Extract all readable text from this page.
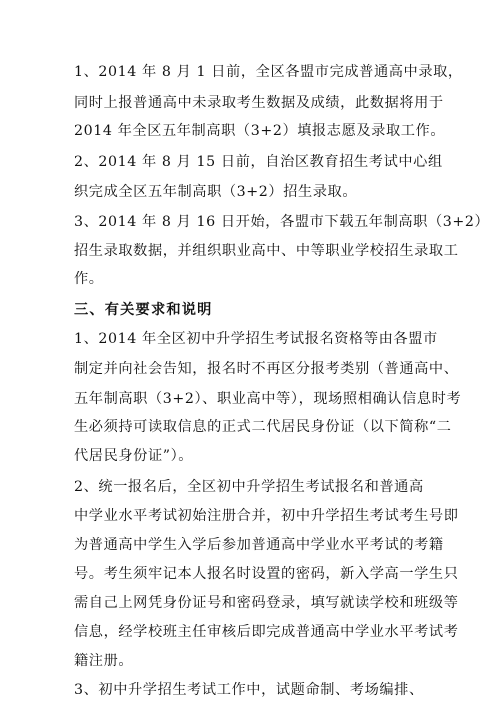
1、2014 年 8 月 1 日前，全区各盟市完成普通高中录取，
同时上报普通高中未录取考生数据及成绩，此数据将用于
2014 年全区五年制高职（3+2）填报志愿及录取工作。
2、2014 年 8 月 15 日前，自治区教育招生考试中心组
织完成全区五年制高职（3+2）招生录取。
3、2014 年 8 月 16 日开始，各盟市下载五年制高职（3+2）
招生录取数据，并组织职业高中、中等职业学校招生录取工
作。
三、有关要求和说明
1、2014 年全区初中升学招生考试报名资格等由各盟市
制定并向社会告知，报名时不再区分报考类别（普通高中、
五年制高职（3+2）、职业高中等），现场照相确认信息时考
生必须持可读取信息的正式二代居民身份证（以下简称“二
代居民身份证”）。
2、统一报名后，全区初中升学招生考试报名和普通高
中学业水平考试初始注册合并，初中升学招生考试考生号即
为普通高中学生入学后参加普通高中学业水平考试的考籍
号。考生须牢记本人报名时设置的密码，新入学高一学生只
需自己上网凭身份证号和密码登录，填写就读学校和班级等
信息，经学校班主任审核后即完成普通高中学业水平考试考
籍注册。
3、初中升学招生考试工作中，试题命制、考场编排、
